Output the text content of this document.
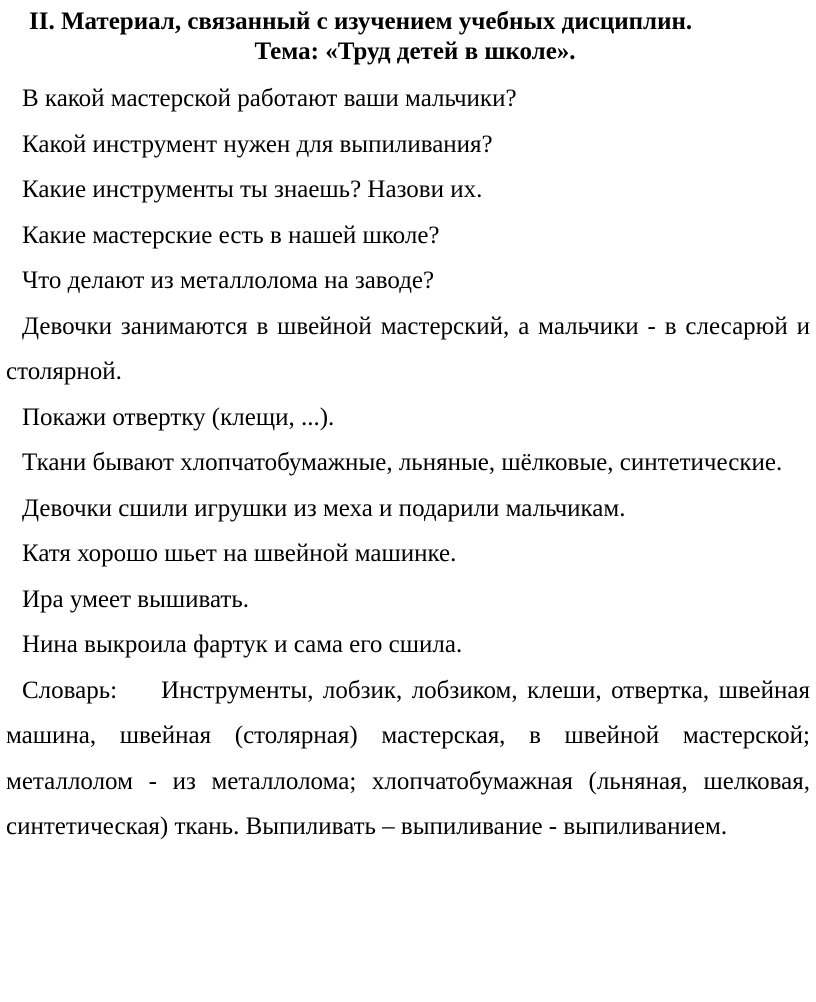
II. Материал, связанный с изучением учебных дисциплин.
Тема: «Труд детей в школе».

В какой мастерской работают ваши мальчики?

Какой инструмент нужен для выпиливания?

Какие инструменты ты знаешь? Назови их.

Какие мастерские есть в нашей школе?

Что делают из металлолома на заводе?

Девочки занимаются в швейной мастерский, а мальчики - в слесарюй и столярной.

Покажи отвертку (клещи, ...).

Ткани бывают хлопчатобумажные, льняные, шёлковые, синтетические.

Девочки сшили игрушки из меха и подарили мальчикам.

Катя хорошо шьет на швейной машинке.

Ира умеет вышивать.

Нина выкроила фартук и сама его сшила.

Словарь: Инструменты, лобзик, лобзиком, клеши, отвертка, швейная машина, швейная (столярная) мастерская, в швейной мастерской; металлолом - из металлолома; хлопчатобумажная (льняная, шелковая, синтетическая) ткань. Выпиливать – выпиливание - выпиливанием.
